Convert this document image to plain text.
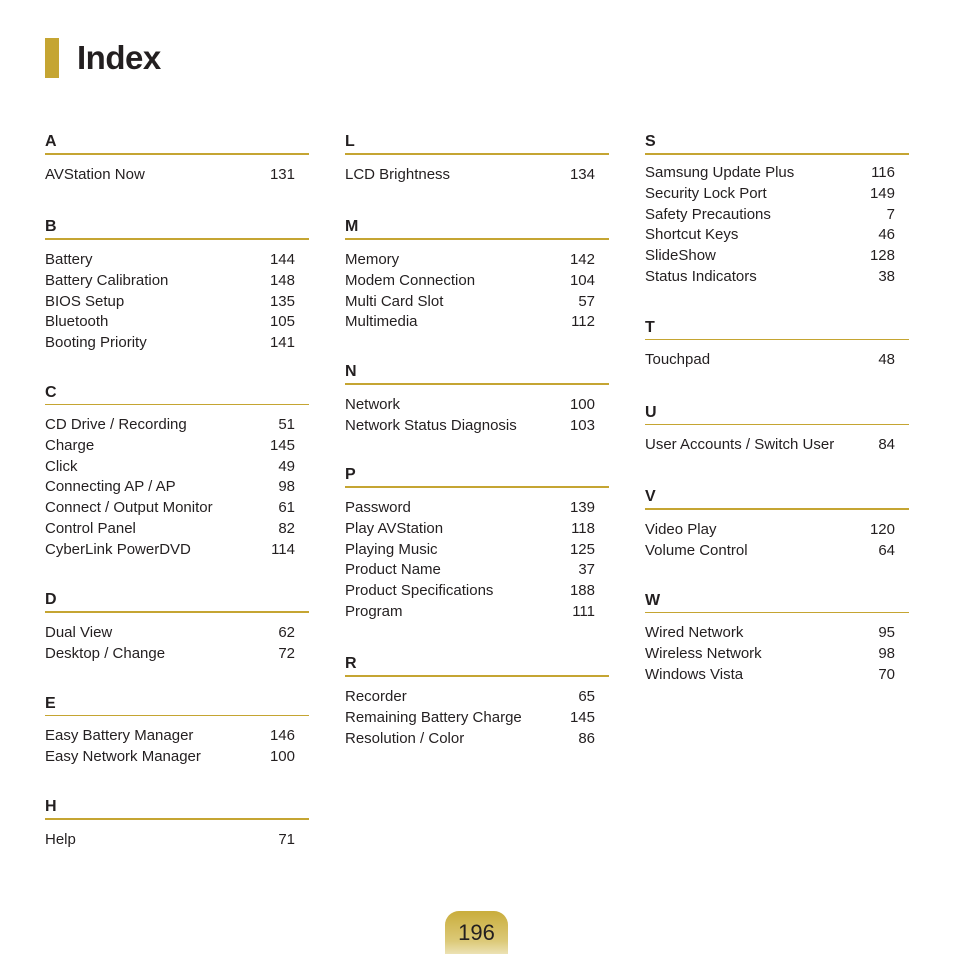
Index
A
AVStation Now	131
B
Battery	144
Battery Calibration	148
BIOS Setup	135
Bluetooth	105
Booting Priority	141
C
CD Drive / Recording	51
Charge	145
Click	49
Connecting AP / AP	98
Connect / Output Monitor	61
Control Panel	82
CyberLink PowerDVD	114
D
Dual View	62
Desktop / Change	72
E
Easy Battery Manager	146
Easy Network Manager	100
H
Help	71
L
LCD Brightness	134
M
Memory	142
Modem Connection	104
Multi Card Slot	57
Multimedia	112
N
Network	100
Network Status Diagnosis	103
P
Password	139
Play AVStation	118
Playing Music	125
Product Name	37
Product Specifications	188
Program	111
R
Recorder	65
Remaining Battery Charge	145
Resolution / Color	86
S
Samsung Update Plus	116
Security Lock Port	149
Safety Precautions	7
Shortcut Keys	46
SlideShow	128
Status Indicators	38
T
Touchpad	48
U
User Accounts / Switch User	84
V
Video Play	120
Volume Control	64
W
Wired Network	95
Wireless Network	98
Windows Vista	70
196
